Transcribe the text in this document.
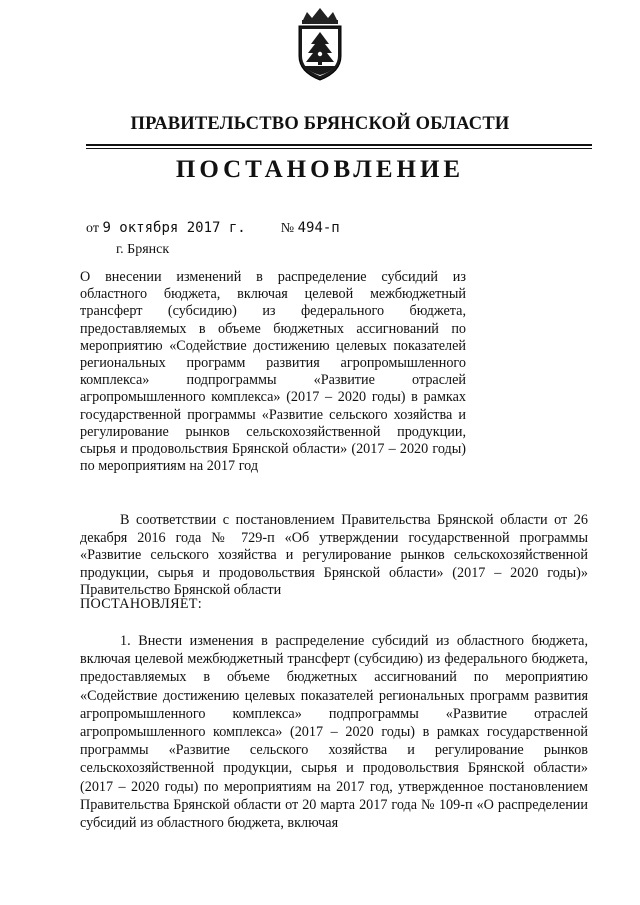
ПРАВИТЕЛЬСТВО БРЯНСКОЙ ОБЛАСТИ
ПОСТАНОВЛЕНИЕ
от 9 октября 2017 г.	№ 494-п
г. Брянск
О внесении изменений в распределение субсидий из областного бюджета, включая целевой межбюджетный трансферт (субсидию) из федерального бюджета, предоставляемых в объеме бюджетных ассигнований по мероприятию «Содействие достижению целевых показателей региональных программ развития агропромышленного комплекса» подпрограммы «Развитие отраслей агропромышленного комплекса» (2017 – 2020 годы) в рамках государственной программы «Развитие сельского хозяйства и регулирование рынков сельскохозяйственной продукции, сырья и продовольствия Брянской области» (2017 – 2020 годы) по мероприятиям на 2017 год
В соответствии с постановлением Правительства Брянской области от 26 декабря 2016 года № 729-п «Об утверждении государственной программы «Развитие сельского хозяйства и регулирование рынков сельскохозяйственной продукции, сырья и продовольствия Брянской области» (2017 – 2020 годы)» Правительство Брянской области
ПОСТАНОВЛЯЕТ:
1. Внести изменения в распределение субсидий из областного бюджета, включая целевой межбюджетный трансферт (субсидию) из федерального бюджета, предоставляемых в объеме бюджетных ассигнований по мероприятию «Содействие достижению целевых показателей региональных программ развития агропромышленного комплекса» подпрограммы «Развитие отраслей агропромышленного комплекса» (2017 – 2020 годы) в рамках государственной программы «Развитие сельского хозяйства и регулирование рынков сельскохозяйственной продукции, сырья и продовольствия Брянской области» (2017 – 2020 годы) по мероприятиям на 2017 год, утвержденное постановлением Правительства Брянской области от 20 марта 2017 года № 109-п «О распределении субсидий из областного бюджета, включая
